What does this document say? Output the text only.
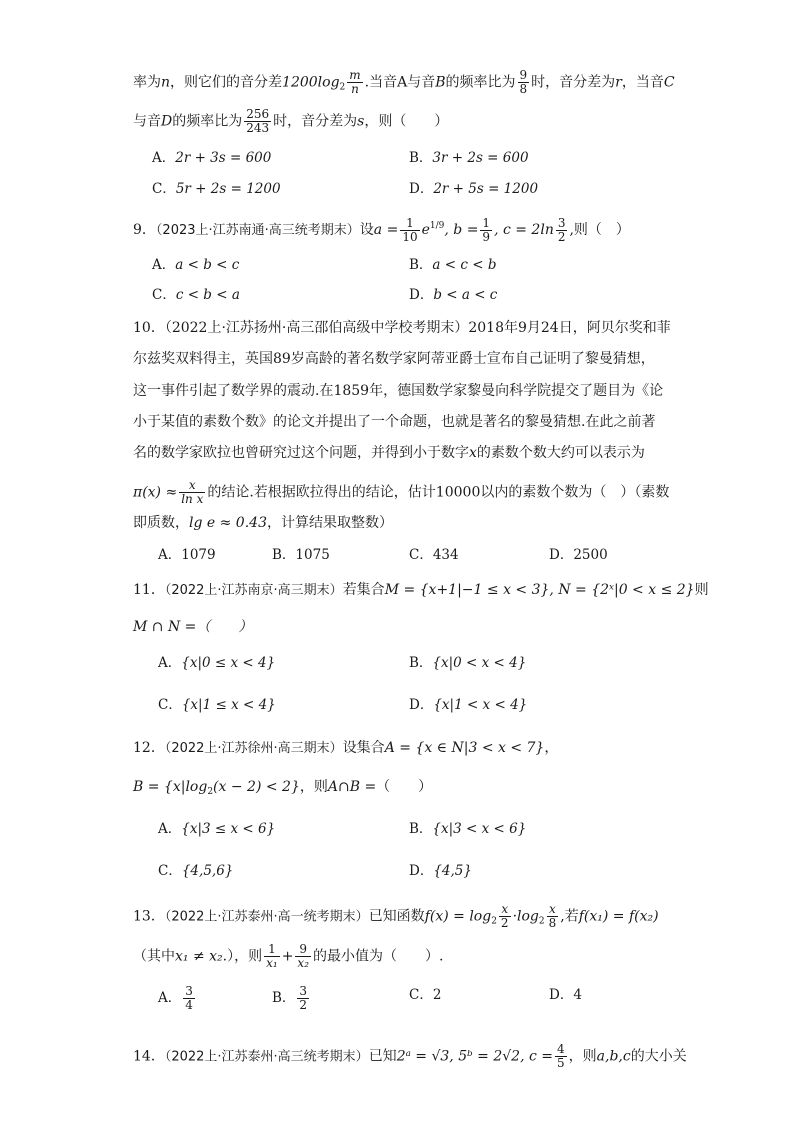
率为n，则它们的音分差$1200\log_2 \frac{m}{n}$ .当音A与音B的频率比为 $\frac{9}{8}$ 时，音分差为r，当音C
与音D的频率比为 $\frac{256}{243}$ 时，音分差为s，则（　　）
A．2r + 3s = 600	B．3r + 2s = 600
C．5r + 2s = 1200	D．2r + 5s = 1200
9．（2023上·江苏南通·高三统考期末）设$a = \frac{1}{10} e^{1/9}$, $b = \frac{1}{9}$ , $c = 2\ln \frac{3}{2}$ ,则（　）
A．a < b < c	B．a < c < b
C．c < b < a	D．b < a < c
10．（2022上·江苏扬州·高三邵伯高级中学校考期末）2018年9月24日，阿贝尔奖和菲
尔兹奖双料得主，英国89岁高龄的著名数学家阿蒂亚爵士宣布自己证明了黎曼猜想，
这一事件引起了数学界的震动.在1859年，德国数学家黎曼向科学院提交了题目为《论
小于某值的素数个数》的论文并提出了一个命题，也就是著名的黎曼猜想.在此之前著
名的数学家欧拉也曾研究过这个问题，并得到小于数字x的素数个数大约可以表示为
$\pi(x) \approx \frac{x}{\text{ln x}}$ 的结论.若根据欧拉得出的结论，估计10000以内的素数个数为（　）（素数
即质数，lg e ≈ 0.43，计算结果取整数）
A．1079	B．1075	C．434	D．2500
11．（2022上·江苏南京·高三期末）若集合M = {x+1|−1 ≤ x < 3}, N = {2ˣ|0 < x ≤ 2}则
M ∩ N =（　　）
A．{x|0 ≤ x < 4}	B．{x|0 < x < 4}
C．{x|1 ≤ x < 4}	D．{x|1 < x < 4}
12．（2022上·江苏徐州·高三期末）设集合A = {x ∈ N|3 < x < 7}，
$B = \{x|\log_2(x - 2) < 2\}$，则A∩B =（　　）
A．{x|3 ≤ x < 6}	B．{x|3 < x < 6}
C．{4,5,6}	D．{4,5}
13．（2022上·江苏泰州·高一统考期末）已知函数$f(x) = \log_2 \frac{x}{2} \cdot\log_2 \frac{x}{8}$ ,若f(x₁) = f(x₂)
（其中x₁ ≠ x₂.），则 $\frac{1}{\text{x₁}} + \frac{9}{\text{x₂}}$ 的最小值为（　　）.
A． $\frac{3}{4}$	B． $\frac{3}{2}$	C．2	D．4
14．（2022上·江苏泰州·高三统考期末）已知2ᵃ = √3, 5ᵇ = 2√2, $c = \frac{4}{5}$ ，则a,b,c的大小关
